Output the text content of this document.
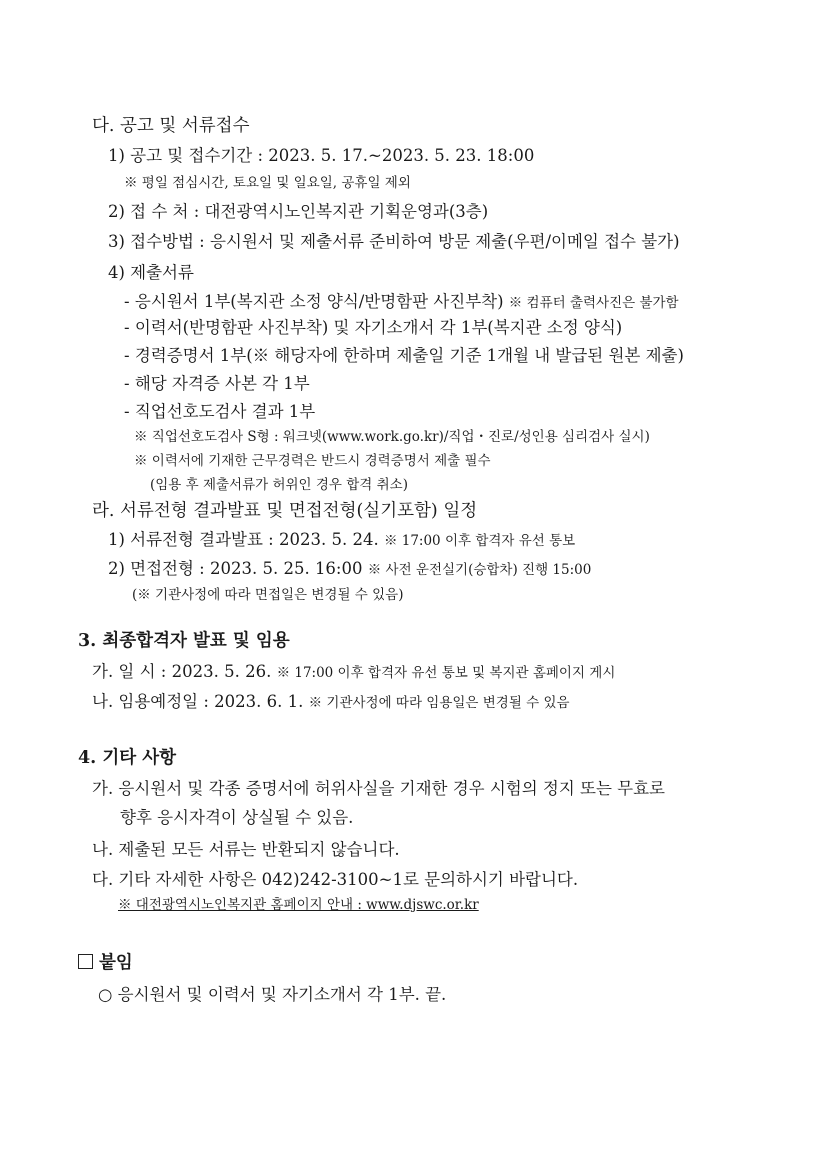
다. 공고 및 서류접수
1) 공고 및 접수기간 : 2023. 5. 17.~2023. 5. 23. 18:00
※ 평일 점심시간, 토요일 및 일요일, 공휴일 제외
2) 접 수 처 : 대전광역시노인복지관 기획운영과(3층)
3) 접수방법 : 응시원서 및 제출서류 준비하여 방문 제출(우편/이메일 접수 불가)
4) 제출서류
- 응시원서 1부(복지관 소정 양식/반명함판 사진부착) ※ 컴퓨터 출력사진은 불가함
- 이력서(반명함판 사진부착) 및 자기소개서 각 1부(복지관 소정 양식)
- 경력증명서 1부(※ 해당자에 한하며 제출일 기준 1개월 내 발급된 원본 제출)
- 해당 자격증 사본 각 1부
- 직업선호도검사 결과 1부
※ 직업선호도검사 S형 : 워크넷(www.work.go.kr)/직업・진로/성인용 심리검사 실시)
※ 이력서에 기재한 근무경력은 반드시 경력증명서 제출 필수
(임용 후 제출서류가 허위인 경우 합격 취소)
라. 서류전형 결과발표 및 면접전형(실기포함) 일정
1) 서류전형 결과발표 : 2023. 5. 24. ※ 17:00 이후 합격자 유선 통보
2) 면접전형 : 2023. 5. 25. 16:00 ※ 사전 운전실기(승합차) 진행 15:00
(※ 기관사정에 따라 면접일은 변경될 수 있음)
3. 최종합격자 발표 및 임용
가. 일 시 : 2023. 5. 26. ※ 17:00 이후 합격자 유선 통보 및 복지관 홈페이지 게시
나. 임용예정일 : 2023. 6. 1. ※ 기관사정에 따라 임용일은 변경될 수 있음
4. 기타 사항
가. 응시원서 및 각종 증명서에 허위사실을 기재한 경우 시험의 정지 또는 무효로
향후 응시자격이 상실될 수 있음.
나. 제출된 모든 서류는 반환되지 않습니다.
다. 기타 자세한 사항은 042)242-3100~1로 문의하시기 바랍니다.
※ 대전광역시노인복지관 홈페이지 안내 : www.djswc.or.kr
붙임
○ 응시원서 및 이력서 및 자기소개서 각 1부. 끝.
